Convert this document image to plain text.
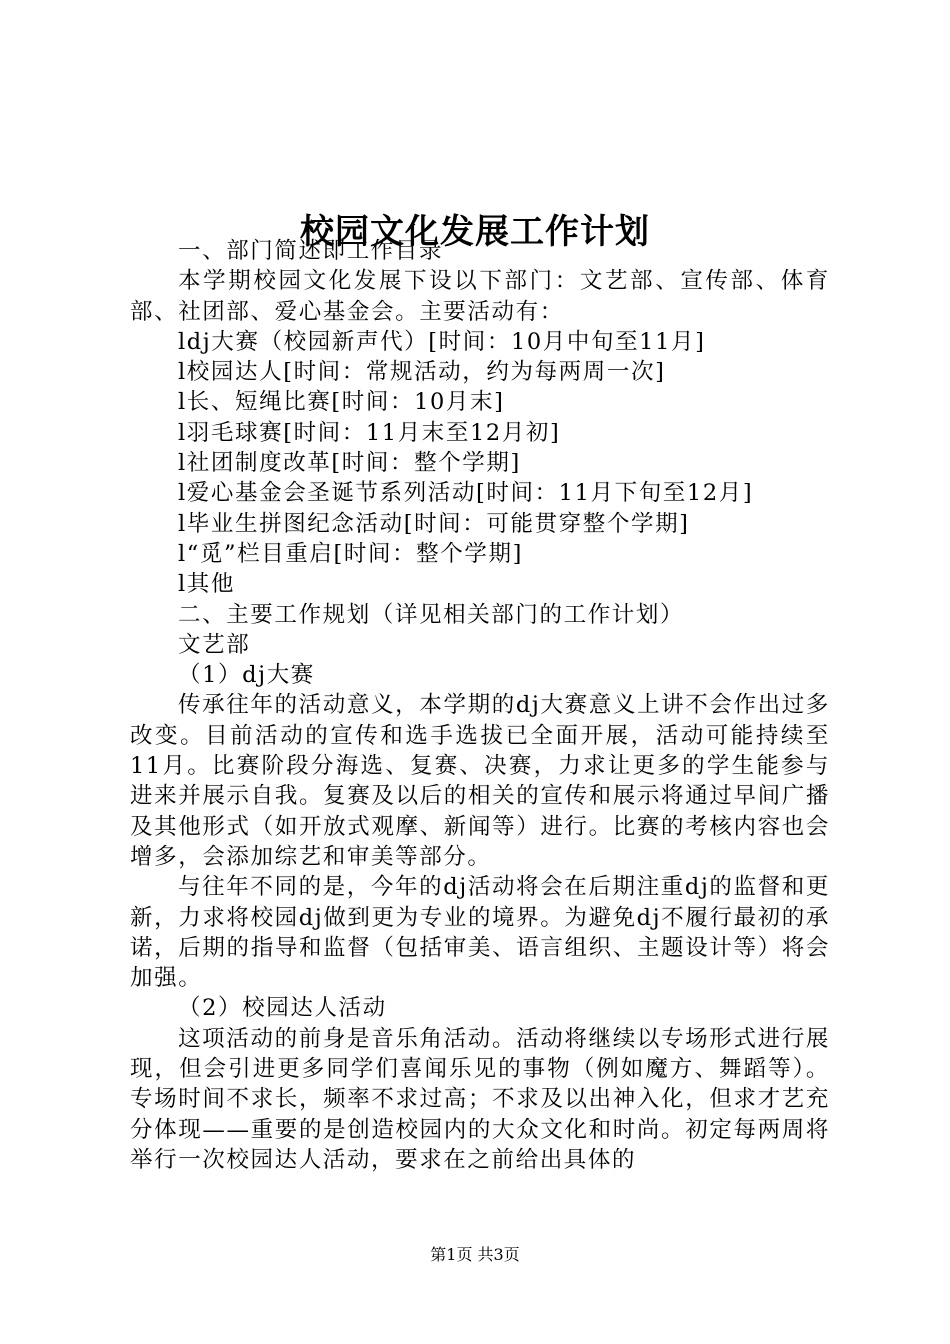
校园文化发展工作计划

一、部门简述即工作目录

本学期校园文化发展下设以下部门：文艺部、宣传部、体育部、社团部、爱心基金会。主要活动有：

ldj大赛（校园新声代）[时间：10月中旬至11月]

l校园达人[时间：常规活动，约为每两周一次]

l长、短绳比赛[时间：10月末]

l羽毛球赛[时间：11月末至12月初]

l社团制度改革[时间：整个学期]

l爱心基金会圣诞节系列活动[时间：11月下旬至12月]

l毕业生拼图纪念活动[时间：可能贯穿整个学期]

l“觅”栏目重启[时间：整个学期]

l其他

二、主要工作规划（详见相关部门的工作计划）

文艺部

（1）dj大赛

传承往年的活动意义，本学期的dj大赛意义上讲不会作出过多改变。目前活动的宣传和选手选拔已全面开展，活动可能持续至11月。比赛阶段分海选、复赛、决赛，力求让更多的学生能参与进来并展示自我。复赛及以后的相关的宣传和展示将通过早间广播及其他形式（如开放式观摩、新闻等）进行。比赛的考核内容也会增多，会添加综艺和审美等部分。

与往年不同的是，今年的dj活动将会在后期注重dj的监督和更新，力求将校园dj做到更为专业的境界。为避免dj不履行最初的承诺，后期的指导和监督（包括审美、语言组织、主题设计等）将会加强。

（2）校园达人活动

这项活动的前身是音乐角活动。活动将继续以专场形式进行展现，但会引进更多同学们喜闻乐见的事物（例如魔方、舞蹈等）。专场时间不求长，频率不求过高；不求及以出神入化，但求才艺充分体现——重要的是创造校园内的大众文化和时尚。初定每两周将举行一次校园达人活动，要求在之前给出具体的

第1页 共3页
